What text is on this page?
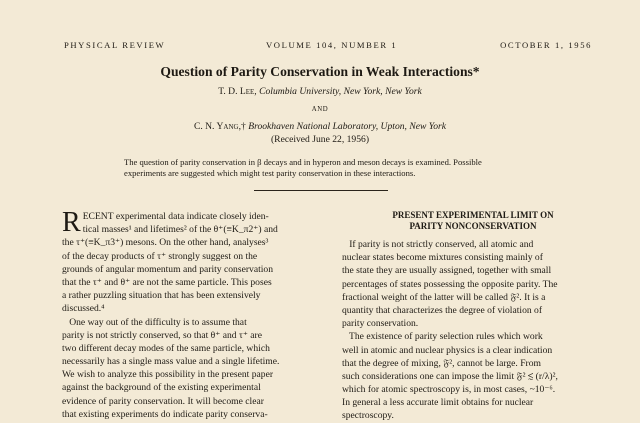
PHYSICAL REVIEW	VOLUME 104, NUMBER 1	OCTOBER 1, 1956
Question of Parity Conservation in Weak Interactions*
T. D. Lee, Columbia University, New York, New York
AND
C. N. Yang,† Brookhaven National Laboratory, Upton, New York
(Received June 22, 1956)
The question of parity conservation in β decays and in hyperon and meson decays is examined. Possible
experiments are suggested which might test parity conservation in these interactions.
R ECENT experimental data indicate closely iden-
tical masses¹ and lifetimes² of the θ⁺(≡K_π2⁺) and
the τ⁺(≡K_π3⁺) mesons. On the other hand, analyses³
of the decay products of τ⁺ strongly suggest on the
grounds of angular momentum and parity conservation
that the τ⁺ and θ⁺ are not the same particle. This poses
a rather puzzling situation that has been extensively
discussed.⁴
One way out of the difficulty is to assume that
parity is not strictly conserved, so that θ⁺ and τ⁺ are
two different decay modes of the same particle, which
necessarily has a single mass value and a single lifetime.
We wish to analyze this possibility in the present paper
against the background of the existing experimental
evidence of parity conservation. It will become clear
that existing experiments do indicate parity conserva-
PRESENT EXPERIMENTAL LIMIT ON
PARITY NONCONSERVATION
If parity is not strictly conserved, all atomic and
nuclear states become mixtures consisting mainly of
the state they are usually assigned, together with small
percentages of states possessing the opposite parity. The
fractional weight of the latter will be called 𝔉². It is a
quantity that characterizes the degree of violation of
parity conservation.
The existence of parity selection rules which work
well in atomic and nuclear physics is a clear indication
that the degree of mixing, 𝔉², cannot be large. From
such considerations one can impose the limit 𝔉² ≲ (r/λ)²,
which for atomic spectroscopy is, in most cases, ~10⁻⁶.
In general a less accurate limit obtains for nuclear
spectroscopy.
